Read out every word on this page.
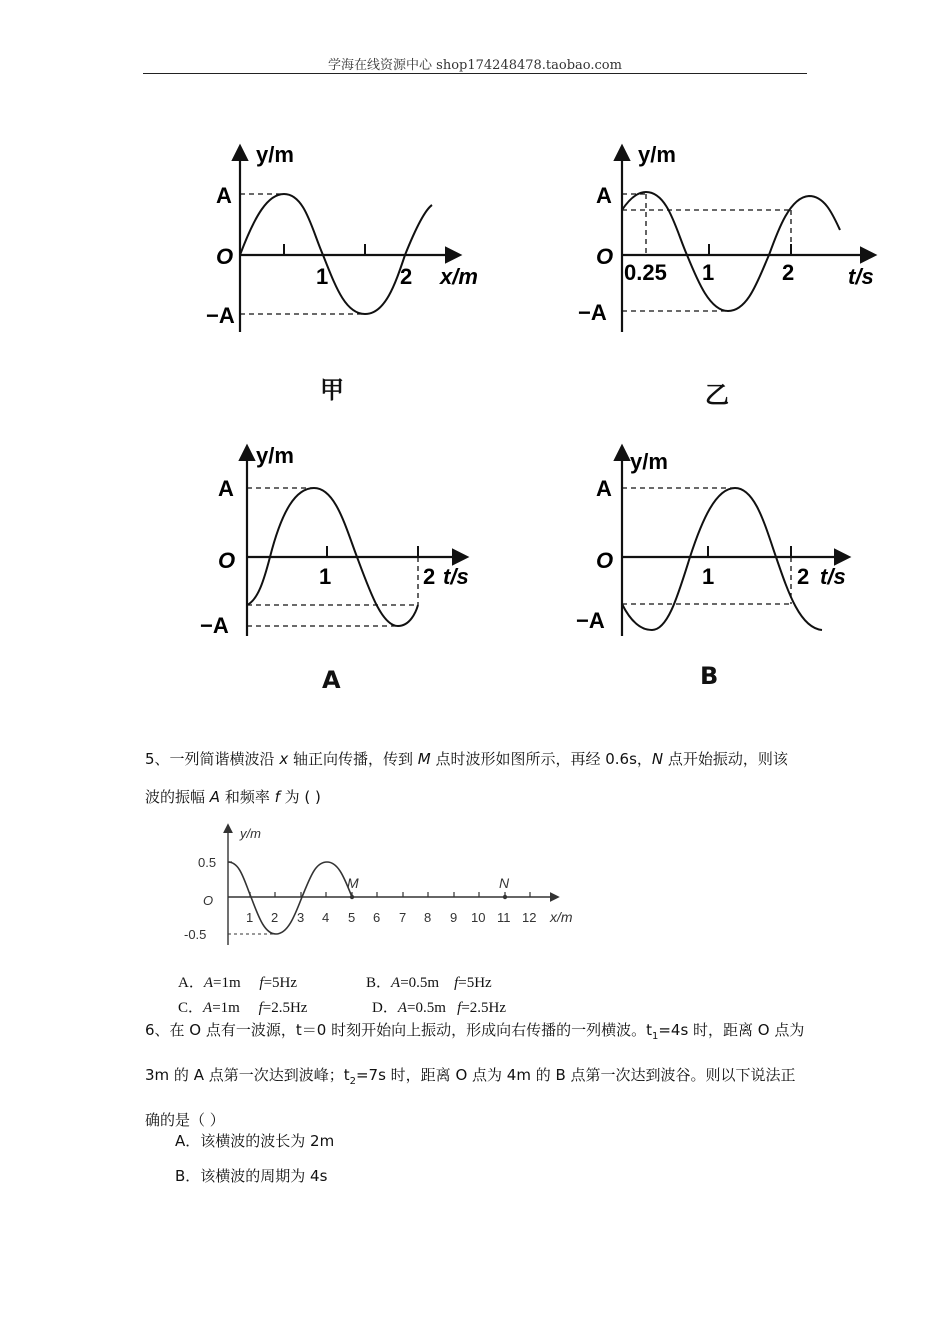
学海在线资源中心 shop174248478.taobao.com
y/m
A
O
−A
1	2 x/m
甲
y/m
A
O
−A
0.25 1	2 t/s
乙
y/m
A
O
−A
1	2 t/s
A
y/m
A
O
−A
1	2 t/s
B
5、一列简谐横波沿 x 轴正向传播，传到 M 点时波形如图所示，再经 0.6s，N 点开始振动，则该
波的振幅 A 和频率 f 为 ( )
y/m
0.5
O
-0.5
1 2 3 4 5 6 7 8 9 10 11 12 x/m
M	N
A．A=1m f=5Hz	B．A=0.5m f=5Hz
C．A=1m f=2.5Hz	D．A=0.5m f=2.5Hz
6、在 O 点有一波源，t＝0 时刻开始向上振动，形成向右传播的一列横波。$t_1=4s$ 时，距离 O 点为 3m 的 A 点第一次达到波峰；$t_2=7s$ 时，距离 O 点为 4m 的 B 点第一次达到波谷。则以下说法正确的是（ ）
A．该横波的波长为 2m
B．该横波的周期为 4s
